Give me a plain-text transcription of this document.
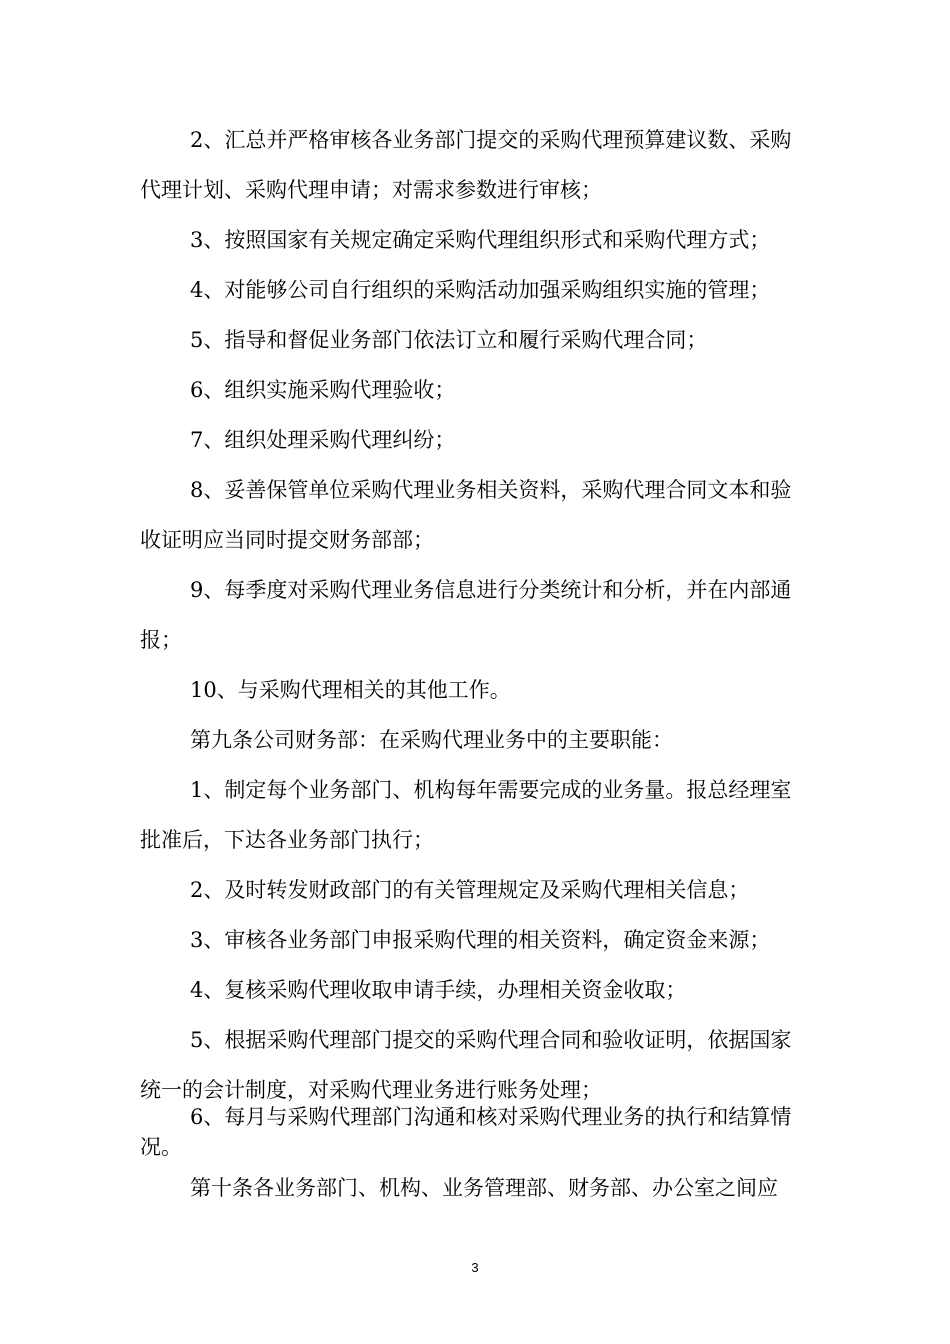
2、汇总并严格审核各业务部门提交的采购代理预算建议数、采购代理计划、采购代理申请；对需求参数进行审核；

3、按照国家有关规定确定采购代理组织形式和采购代理方式；

4、对能够公司自行组织的采购活动加强采购组织实施的管理；

5、指导和督促业务部门依法订立和履行采购代理合同；

6、组织实施采购代理验收；

7、组织处理采购代理纠纷；

8、妥善保管单位采购代理业务相关资料，采购代理合同文本和验收证明应当同时提交财务部部；

9、每季度对采购代理业务信息进行分类统计和分析，并在内部通报；

10、与采购代理相关的其他工作。

第九条公司财务部：在采购代理业务中的主要职能：

1、制定每个业务部门、机构每年需要完成的业务量。报总经理室批准后，下达各业务部门执行；

2、及时转发财政部门的有关管理规定及采购代理相关信息；

3、审核各业务部门申报采购代理的相关资料，确定资金来源；

4、复核采购代理收取申请手续，办理相关资金收取；

5、根据采购代理部门提交的采购代理合同和验收证明，依据国家统一的会计制度，对采购代理业务进行账务处理；

6、每月与采购代理部门沟通和核对采购代理业务的执行和结算情况。

第十条各业务部门、机构、业务管理部、财务部、办公室之间应

3
